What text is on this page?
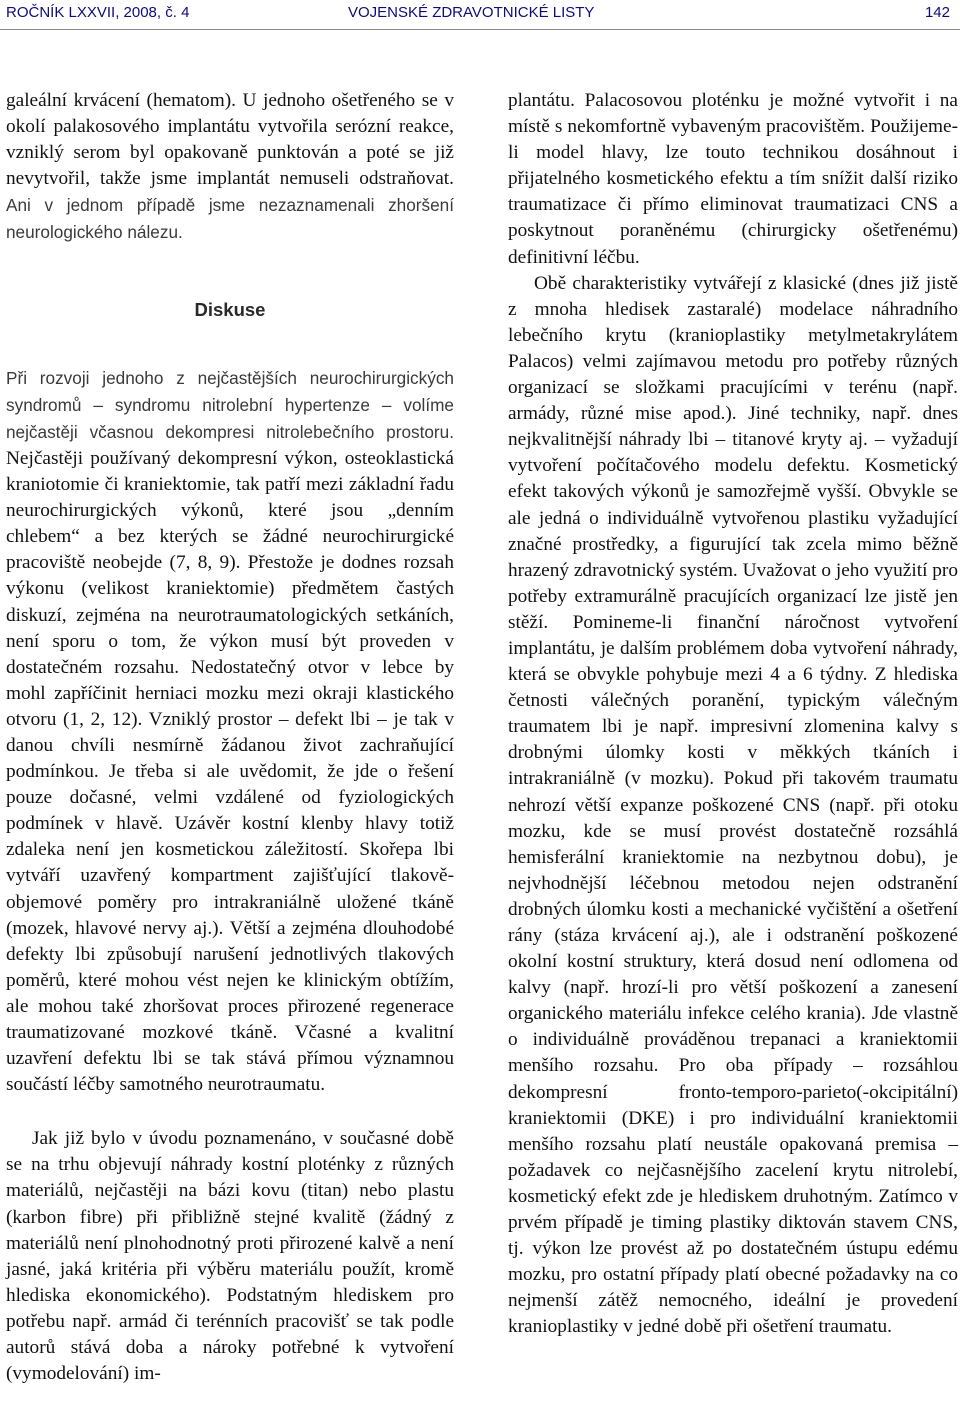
ROČNÍK LXXVII, 2008, č. 4	VOJENSKÉ ZDRAVOTNICKÉ LISTY	142

galeální krvácení (hematom). U jednoho ošetřeného se v okolí palakosového implantátu vytvořila serózní reakce, vzniklý serom byl opakovaně punktován a poté se již nevytvořil, takže jsme implantát nemuseli odstraňovat. Ani v jednom případě jsme nezaznamenali zhoršení neurologického nálezu.

Diskuse

Při rozvoji jednoho z nejčastějších neurochirurgických syndromů – syndromu nitrolební hypertenze – volíme nejčastěji včasnou dekompresi nitrolebečního prostoru. Nejčastěji používaný dekompresní výkon, osteoklastická kraniotomie či kraniektomie, tak patří mezi základní řadu neurochirurgických výkonů, které jsou „denním chlebem“ a bez kterých se žádné neurochirurgické pracoviště neobejde (7, 8, 9). Přestože je dodnes rozsah výkonu (velikost kraniektomie) předmětem častých diskuzí, zejména na neurotraumatologických setkáních, není sporu o tom, že výkon musí být proveden v dostatečném rozsahu. Nedostatečný otvor v lebce by mohl zapříčinit herniaci mozku mezi okraji klastického otvoru (1, 2, 12). Vzniklý prostor – defekt lbi – je tak v danou chvíli nesmírně žádanou život zachraňující podmínkou. Je třeba si ale uvědomit, že jde o řešení pouze dočasné, velmi vzdálené od fyziologických podmínek v hlavě. Uzávěr kostní klenby hlavy totiž zdaleka není jen kosmetickou záležitostí. Skořepa lbi vytváří uzavřený kompartment zajišťující tlakově-objemové poměry pro intrakraniálně uložené tkáně (mozek, hlavové nervy aj.). Větší a zejména dlouhodobé defekty lbi způsobují narušení jednotlivých tlakových poměrů, které mohou vést nejen ke klinickým obtížím, ale mohou také zhoršovat proces přirozené regenerace traumatizované mozkové tkáně. Včasné a kvalitní uzavření defektu lbi se tak stává přímou významnou součástí léčby samotného neurotraumatu.

Jak již bylo v úvodu poznamenáno, v současné době se na trhu objevují náhrady kostní ploténky z různých materiálů, nejčastěji na bázi kovu (titan) nebo plastu (karbon fibre) při přibližně stejné kvalitě (žádný z materiálů není plnohodnotný proti přirozené kalvě a není jasné, jaká kritéria při výběru materiálu použít, kromě hlediska ekonomického). Podstatným hlediskem pro potřebu např. armád či terénních pracovišť se tak podle autorů stává doba a nároky potřebné k vytvoření (vymodelování) im-

plantátu. Palacosovou ploténku je možné vytvořit i na místě s nekomfortně vybaveným pracovištěm. Použijeme-li model hlavy, lze touto technikou dosáhnout i přijatelného kosmetického efektu a tím snížit další riziko traumatizace či přímo eliminovat traumatizaci CNS a poskytnout poraněnému (chirurgicky ošetřenému) definitivní léčbu.

Obě charakteristiky vytvářejí z klasické (dnes již jistě z mnoha hledisek zastaralé) modelace náhradního lebečního krytu (kranioplastiky metylmetakrylátem Palacos) velmi zajímavou metodu pro potřeby různých organizací se složkami pracujícími v terénu (např. armády, různé mise apod.). Jiné techniky, např. dnes nejkvalitnější náhrady lbi – titanové kryty aj. – vyžadují vytvoření počítačového modelu defektu. Kosmetický efekt takových výkonů je samozřejmě vyšší. Obvykle se ale jedná o individuálně vytvořenou plastiku vyžadující značné prostředky, a figurující tak zcela mimo běžně hrazený zdravotnický systém. Uvažovat o jeho využití pro potřeby extramurálně pracujících organizací lze jistě jen stěží. Pomineme-li finanční náročnost vytvoření implantátu, je dalším problémem doba vytvoření náhrady, která se obvykle pohybuje mezi 4 a 6 týdny. Z hlediska četnosti válečných poranění, typickým válečným traumatem lbi je např. impresivní zlomenina kalvy s drobnými úlomky kosti v měkkých tkáních i intrakraniálně (v mozku). Pokud při takovém traumatu nehrozí větší expanze poškozené CNS (např. při otoku mozku, kde se musí provést dostatečně rozsáhlá hemisferální kraniektomie na nezbytnou dobu), je nejvhodnější léčebnou metodou nejen odstranění drobných úlomku kosti a mechanické vyčištění a ošetření rány (stáza krvácení aj.), ale i odstranění poškozené okolní kostní struktury, která dosud není odlomena od kalvy (např. hrozí-li pro větší poškození a zanesení organického materiálu infekce celého krania). Jde vlastně o individuálně prováděnou trepanaci a kraniektomii menšího rozsahu. Pro oba případy – rozsáhlou dekompresní fronto-temporo-parieto(-okcipitální) kraniektomii (DKE) i pro individuální kraniektomii menšího rozsahu platí neustále opakovaná premisa – požadavek co nejčasnějšího zacelení krytu nitrolebí, kosmetický efekt zde je hlediskem druhotným. Zatímco v prvém případě je timing plastiky diktován stavem CNS, tj. výkon lze provést až po dostatečném ústupu edému mozku, pro ostatní případy platí obecné požadavky na co nejmenší zátěž nemocného, ideální je provedení kranioplastiky v jedné době při ošetření traumatu.
